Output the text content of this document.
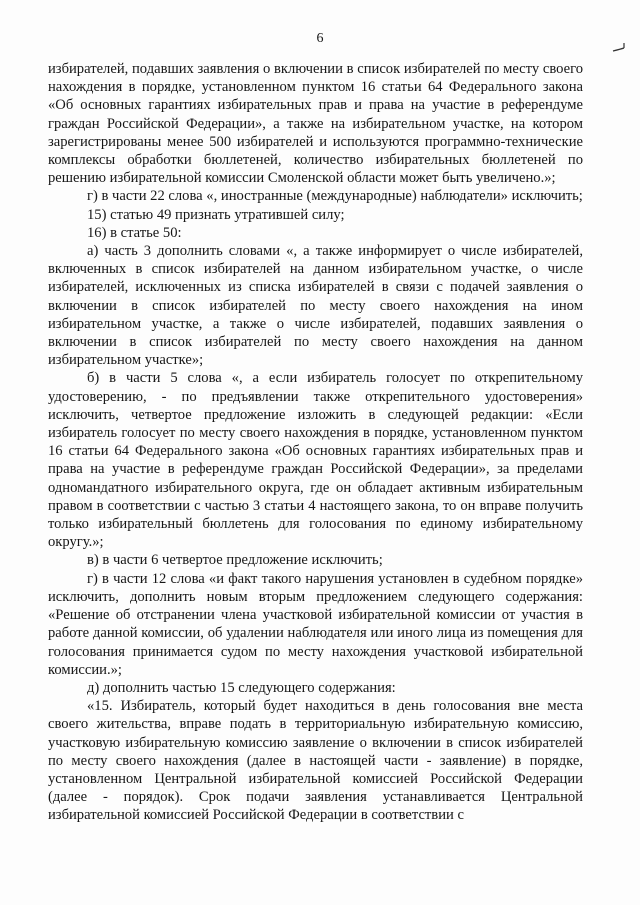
6

избирателей, подавших заявления о включении в список избирателей по месту своего нахождения в порядке, установленном пунктом 16 статьи 64 Федерального закона «Об основных гарантиях избирательных прав и права на участие в референдуме граждан Российской Федерации», а также на избирательном участке, на котором зарегистрированы менее 500 избирателей и используются программно-технические комплексы обработки бюллетеней, количество избирательных бюллетеней по решению избирательной комиссии Смоленской области может быть увеличено.»;

г) в части 22 слова «, иностранные (международные) наблюдатели» исключить;

15) статью 49 признать утратившей силу;

16) в статье 50:

а) часть 3 дополнить словами «, а также информирует о числе избирателей, включенных в список избирателей на данном избирательном участке, о числе избирателей, исключенных из списка избирателей в связи с подачей заявления о включении в список избирателей по месту своего нахождения на ином избирательном участке, а также о числе избирателей, подавших заявления о включении в список избирателей по месту своего нахождения на данном избирательном участке»;

б) в части 5 слова «, а если избиратель голосует по открепительному удостоверению, - по предъявлении также открепительного удостоверения» исключить, четвертое предложение изложить в следующей редакции: «Если избиратель голосует по месту своего нахождения в порядке, установленном пунктом 16 статьи 64 Федерального закона «Об основных гарантиях избирательных прав и права на участие в референдуме граждан Российской Федерации», за пределами одномандатного избирательного округа, где он обладает активным избирательным правом в соответствии с частью 3 статьи 4 настоящего закона, то он вправе получить только избирательный бюллетень для голосования по единому избирательному округу.»;

в) в части 6 четвертое предложение исключить;

г) в части 12 слова «и факт такого нарушения установлен в судебном порядке» исключить, дополнить новым вторым предложением следующего содержания: «Решение об отстранении члена участковой избирательной комиссии от участия в работе данной комиссии, об удалении наблюдателя или иного лица из помещения для голосования принимается судом по месту нахождения участковой избирательной комиссии.»;

д) дополнить частью 15 следующего содержания:

«15. Избиратель, который будет находиться в день голосования вне места своего жительства, вправе подать в территориальную избирательную комиссию, участковую избирательную комиссию заявление о включении в список избирателей по месту своего нахождения (далее в настоящей части - заявление) в порядке, установленном Центральной избирательной комиссией Российской Федерации (далее - порядок). Срок подачи заявления устанавливается Центральной избирательной комиссией Российской Федерации в соответствии с
